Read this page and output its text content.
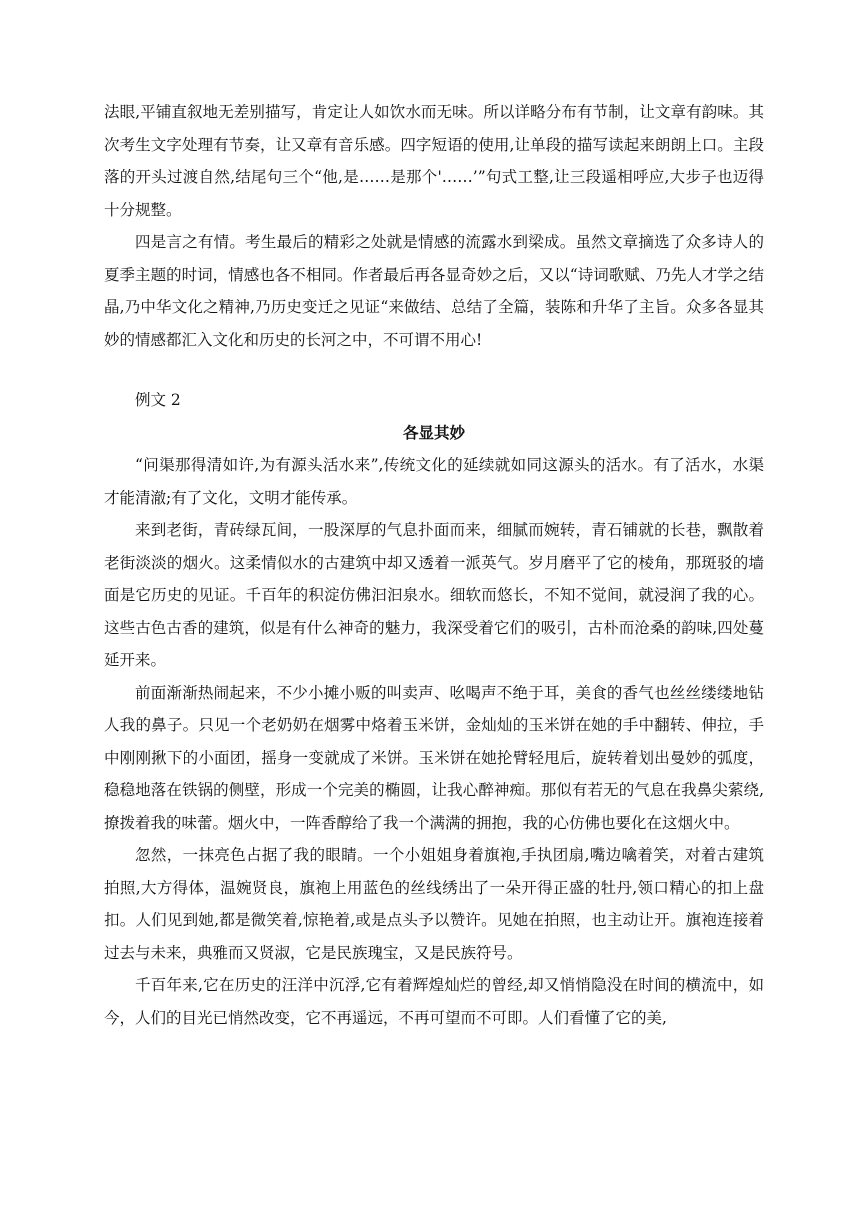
法眼,平铺直叙地无差别描写，肯定让人如饮水而无味。所以详略分布有节制，让文章有韵味。其次考生文字处理有节奏，让又章有音乐感。四字短语的使用,让单段的描写读起来朗朗上口。主段落的开头过渡自然,结尾句三个“他,是……是那个'……’”句式工整,让三段遥相呼应,大步子也迈得十分规整。

四是言之有情。考生最后的精彩之处就是情感的流露水到梁成。虽然文章摘选了众多诗人的夏季主题的时词，情感也各不相同。作者最后再各显奇妙之后，又以“诗词歌赋、乃先人才学之结晶,乃中华文化之精神,乃历史变迁之见证“来做结、总结了全篇，装陈和升华了主旨。众多各显其妙的情感都汇入文化和历史的长河之中，不可谓不用心!

例文 2

各显其妙

“问渠那得清如许,为有源头活水来”,传统文化的延续就如同这源头的活水。有了活水，水渠才能清澈;有了文化，文明才能传承。

来到老街，青砖绿瓦间，一股深厚的气息扑面而来，细腻而婉转，青石铺就的长巷，飘散着老街淡淡的烟火。这柔情似水的古建筑中却又透着一派英气。岁月磨平了它的棱角，那斑驳的墙面是它历史的见证。千百年的积淀仿佛汩汩泉水。细软而悠长，不知不觉间，就浸润了我的心。这些古色古香的建筑，似是有什么神奇的魅力，我深受着它们的吸引，古朴而沧桑的韵味,四处蔓延开来。

前面渐渐热闹起来，不少小摊小贩的叫卖声、吆喝声不绝于耳，美食的香气也丝丝缕缕地钻人我的鼻子。只见一个老奶奶在烟雾中烙着玉米饼，金灿灿的玉米饼在她的手中翻转、伸拉，手中刚刚揪下的小面团，摇身一变就成了米饼。玉米饼在她抡臂轻甩后，旋转着划出曼妙的弧度，稳稳地落在铁锅的侧壁，形成一个完美的椭圆，让我心醉神痴。那似有若无的气息在我鼻尖萦绕,撩拨着我的味蕾。烟火中，一阵香醇给了我一个满满的拥抱，我的心仿佛也要化在这烟火中。

忽然，一抹亮色占据了我的眼睛。一个小姐姐身着旗袍,手执团扇,嘴边噙着笑，对着古建筑拍照,大方得体，温婉贤良，旗袍上用蓝色的丝线绣出了一朵开得正盛的牡丹,领口精心的扣上盘扣。人们见到她,都是微笑着,惊艳着,或是点头予以赞许。见她在拍照，也主动让开。旗袍连接着过去与未来，典雅而又贤淑，它是民族瑰宝，又是民族符号。

千百年来,它在历史的汪洋中沉浮,它有着辉煌灿烂的曾经,却又悄悄隐没在时间的横流中，如今，人们的目光已悄然改变，它不再遥远，不再可望而不可即。人们看懂了它的美,
